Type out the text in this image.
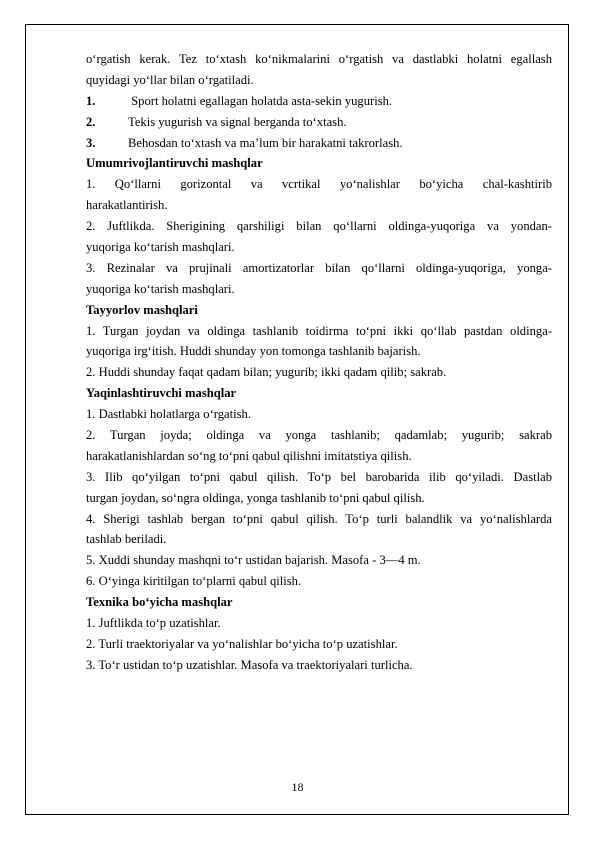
o‘rgatish kerak. Tez to‘xtash ko‘nikmalarini o‘rgatish va dastlabki holatni egallash
quyidagi yo‘llar bilan o‘rgatiladi.
1.	Sport holatni egallagan holatda asta-sekin yugurish.
2.	Tekis yugurish va signal berganda to‘xtash.
3.	Behosdan to‘xtash va ma’lum bir harakatni takrorlash.
Umumrivojlantiruvchi mashqlar
1. Qo‘llarni gorizontal va vcrtikal yo‘nalishlar bo‘yicha chal-kashtirib
harakatlantirish.
2. Juftlikda. Sherigining qarshiligi bilan qo‘llarni oldinga-yuqoriga va yondan-
yuqoriga ko‘tarish mashqlari.
3. Rezinalar va prujinali amortizatorlar bilan qo‘llarni oldinga-yuqoriga, yonga-
yuqoriga ko‘tarish mashqlari.
Tayyorlov mashqlari
1. Turgan joydan va oldinga tashlanib toidirma to‘pni ikki qo‘llab pastdan oldinga-
yuqoriga irg‘itish. Huddi shunday yon tomonga tashlanib bajarish.
2. Huddi shunday faqat qadam bilan; yugurib; ikki qadam qilib; sakrab.
Yaqinlashtiruvchi mashqlar
1. Dastlabki holatlarga o‘rgatish.
2. Turgan joyda; oldinga va yonga tashlanib; qadamlab; yugurib; sakrab
harakatlanishlardan so‘ng to‘pni qabul qilishni imitatstiya qilish.
3. Ilib qo‘yilgan to‘pni qabul qilish. To‘p bel barobarida ilib qo‘yiladi. Dastlab
turgan joydan, so‘ngra oldinga, yonga tashlanib to‘pni qabul qilish.
4. Sherigi tashlab bergan to‘pni qabul qilish. To‘p turli balandlik va yo‘nalishlarda
tashlab beriladi.
5. Xuddi shunday mashqni to‘r ustidan bajarish. Masofa - 3—4 m.
6. O‘yinga kiritilgan to‘plarni qabul qilish.
Texnika bo‘yicha mashqlar
1. Juftlikda to‘p uzatishlar.
2. Turli traektoriyalar va yo‘nalishlar bo‘yicha to‘p uzatishlar.
3. To‘r ustidan to‘p uzatishlar. Masofa va traektoriyalari turlicha.
18
